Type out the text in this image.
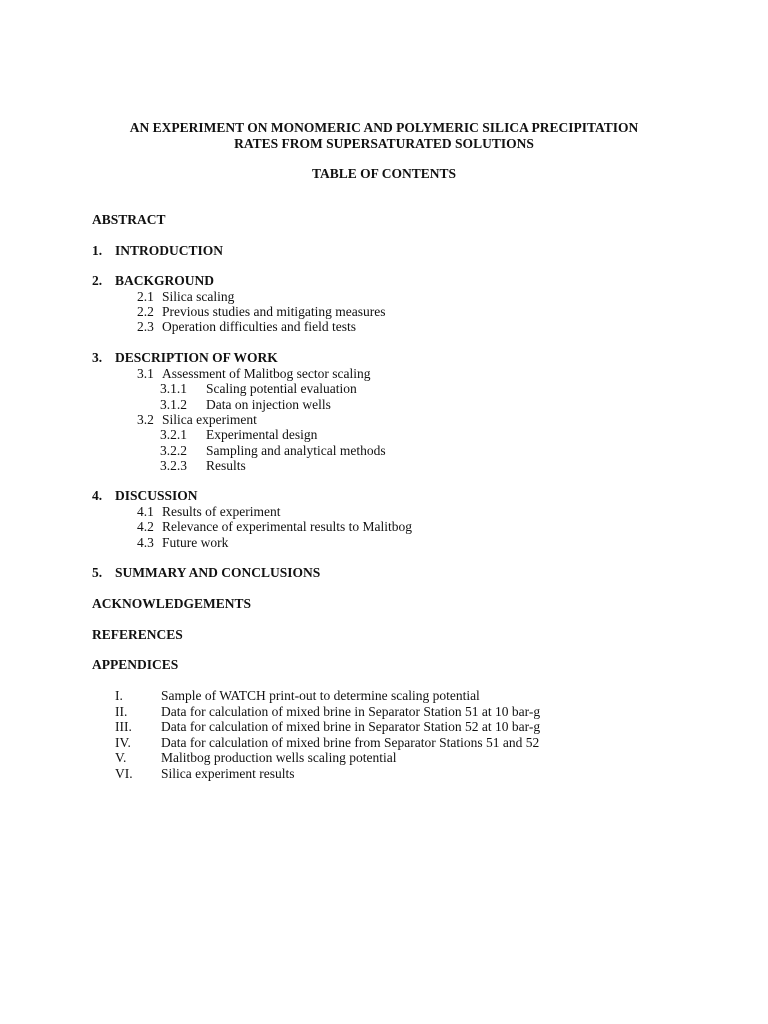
AN EXPERIMENT ON MONOMERIC AND POLYMERIC SILICA PRECIPITATION
RATES FROM SUPERSATURATED SOLUTIONS
TABLE OF CONTENTS
ABSTRACT
1. INTRODUCTION
2. BACKGROUND
2.1 Silica scaling
2.2 Previous studies and mitigating measures
2.3 Operation difficulties and field tests
3. DESCRIPTION OF WORK
3.1 Assessment of Malitbog sector scaling
3.1.1 Scaling potential evaluation
3.1.2 Data on injection wells
3.2 Silica experiment
3.2.1 Experimental design
3.2.2 Sampling and analytical methods
3.2.3 Results
4. DISCUSSION
4.1 Results of experiment
4.2 Relevance of experimental results to Malitbog
4.3 Future work
5. SUMMARY AND CONCLUSIONS
ACKNOWLEDGEMENTS
REFERENCES
APPENDICES
I.	Sample of WATCH print-out to determine scaling potential
II. Data for calculation of mixed brine in Separator Station 51 at 10 bar-g
III. Data for calculation of mixed brine in Separator Station 52 at 10 bar-g
IV. Data for calculation of mixed brine from Separator Stations 51 and 52
V.	Malitbog production wells scaling potential
VI. Silica experiment results
